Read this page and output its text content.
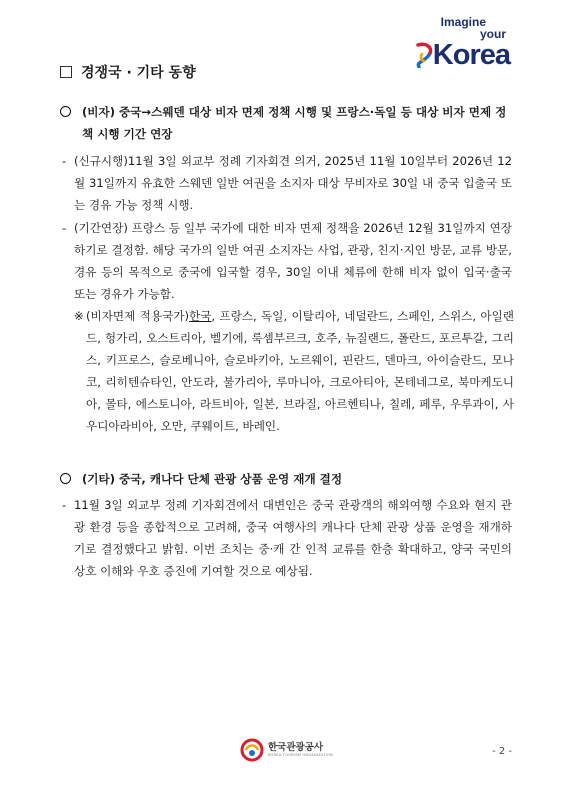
Imagine
your
Korea
경쟁국 · 기타 동향
(비자) 중국→스웨덴 대상 비자 면제 정책 시행 및 프랑스·독일 등 대상 비자 면제 정책 시행 기간 연장
- (신규시행)11월 3일 외교부 정례 기자회견 의거, 2025년 11월 10일부터 2026년 12월 31일까지 유효한 스웨덴 일반 여권을 소지자 대상 무비자로 30일 내 중국 입출국 또는 경유 가능 정책 시행.
- (기간연장) 프랑스 등 일부 국가에 대한 비자 면제 정책을 2026년 12월 31일까지 연장하기로 결정함. 해당 국가의 일반 여권 소지자는 사업, 관광, 친지·지인 방문, 교류 방문, 경유 등의 목적으로 중국에 입국할 경우, 30일 이내 체류에 한해 비자 없이 입국·출국 또는 경유가 가능함.
※ (비자면제 적용국가)한국, 프랑스, 독일, 이탈리아, 네덜란드, 스페인, 스위스, 아일랜드, 헝가리, 오스트리아, 벨기에, 룩셈부르크, 호주, 뉴질랜드, 폴란드, 포르투갈, 그리스, 키프로스, 슬로베니아, 슬로바키아, 노르웨이, 핀란드, 덴마크, 아이슬란드, 모나코, 리히텐슈타인, 안도라, 불가리아, 루마니아, 크로아티아, 몬테네그로, 북마케도니아, 몰타, 에스토니아, 라트비아, 일본, 브라질, 아르헨티나, 칠레, 페루, 우루과이, 사우디아라비아, 오만, 쿠웨이트, 바레인.
(기타) 중국, 캐나다 단체 관광 상품 운영 재개 결정
- 11월 3일 외교부 정례 기자회견에서 대변인은 중국 관광객의 해외여행 수요와 현지 관광 환경 등을 종합적으로 고려해, 중국 여행사의 캐나다 단체 관광 상품 운영을 재개하기로 결정했다고 밝힘. 이번 조치는 중·캐 간 인적 교류를 한층 확대하고, 양국 국민의 상호 이해와 우호 증진에 기여할 것으로 예상됨.
한국관광공사
KOREA TOURISM ORGANIZATION	- 2 -
